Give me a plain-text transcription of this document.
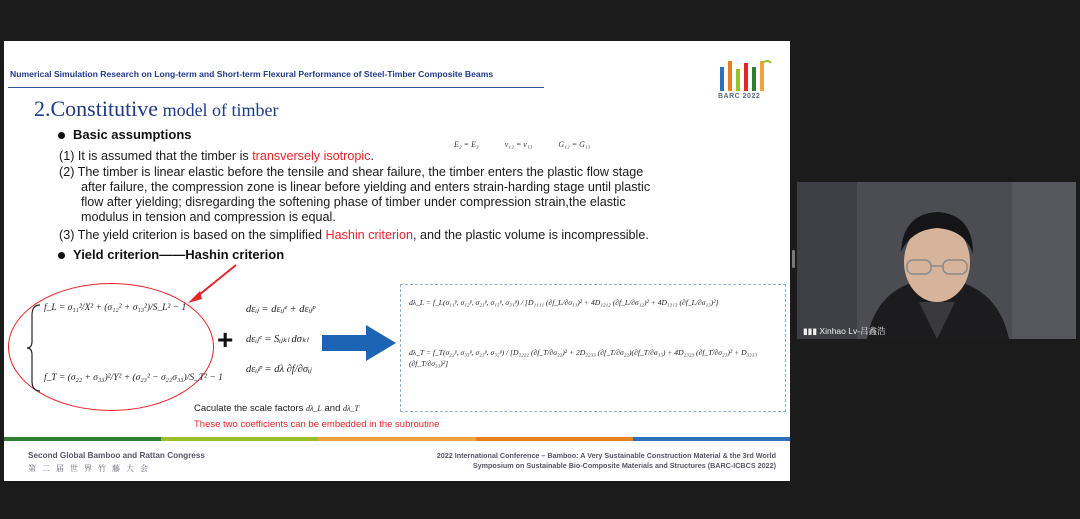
Numerical Simulation Research on Long-term and Short-term Flexural Performance of Steel-Timber Composite Beams
BARC 2022
2.Constitutive model of timber
Basic assumptions
(1) It is assumed that the timber is transversely isotropic.
E₂ = E₃	ν₁₂ = ν₁₃	G₁₂ = G₁₃
(2) The timber is linear elastic before the tensile and shear failure, the timber enters the plastic flow stage
after failure, the compression zone is linear before yielding and enters strain-harding stage until plastic
flow after yielding; disregarding the softening phase of timber under compression strain,the elastic
modulus in tension and compression is equal.
(3) The yield criterion is based on the simplified Hashin criterion, and the plastic volume is incompressible.
Yield criterion——Hashin criterion
f_L = σ₁₁²/X² + (σ₁₂² + σ₁₃²)/S_L² − 1
f_T = (σ₂₂ + σ₃₃)²/Y² + (σ₂₃² − σ₂₂σ₃₃)/S_T² − 1
+
dεᵢⱼ = dεᵢⱼᵉ + dεᵢⱼᵖ
dεᵢⱼᵉ = Sᵢⱼₖₗ dσₖₗ
dεᵢⱼᵖ = dλ ∂f/∂σᵢⱼ
dλ_L = f_L(σ₁₁ᵖ, σ₁₂ᵖ, σ₂₁ᵖ, σ₁₃ᵖ, σ₃₁ᵖ) / [D₁₁₁₁ (∂f_L/∂σ₁₁)² + 4D₁₂₁₂ (∂f_L/∂σ₁₂)² + 4D₁₃₁₃ (∂f_L/∂σ₁₃)²]
dλ_T = f_T(σ₂₂ᵖ, σ₃₃ᵖ, σ₂₃ᵖ, σ₃₂ᵖ) / [D₂₂₂₂ (∂f_T/∂σ₂₂)² + 2D₂₂₃₃ (∂f_T/∂σ₂₂)(∂f_T/∂σ₃₃) + 4D₂₃₂₃ (∂f_T/∂σ₂₃)² + D₃₃₃₃ (∂f_T/∂σ₃₃)²]
Caculate the scale factors dλ_L and dλ_T
These two coefficients can be embedded in the subroutine
Second Global Bamboo and Rattan Congress
第二届世界竹藤大会
2022 International Conference – Bamboo: A Very Sustainable Construction Material & the 3rd World
Symposium on Sustainable Bio-Composite Materials and Structures (BARC-ICBCS 2022)
▮▮▮ Xinhao Lv-吕鑫浩
